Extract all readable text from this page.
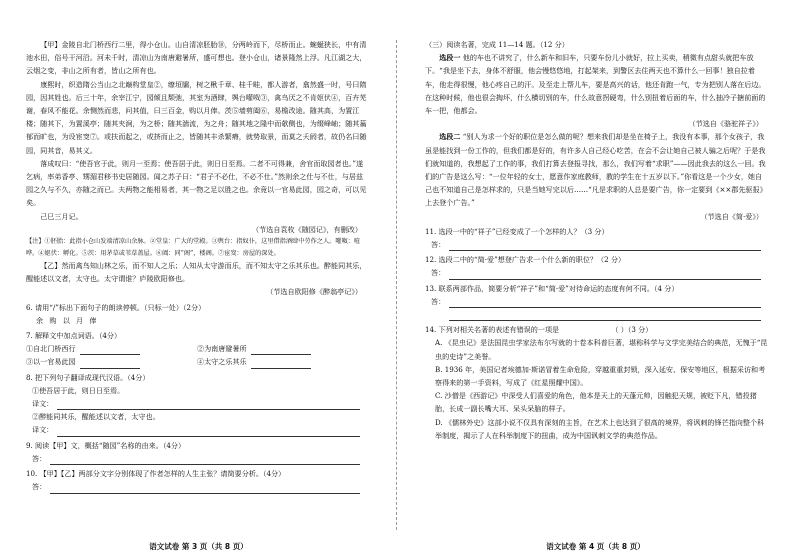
【甲】金陵自北门桥西行二里，得小仓山。山自清凉胚胎⑩，分两岭而下，尽桥而止。蜿蜒狭长，中有清池水田，俗号干河沿。河未千时，清凉山为南唐避暑所，盛可想也。登小仓山，诸景隆然上浮。凡江湖之大，云烟之变，非山之所有者，皆山之所有也。

康熙时，织造隋公当山之北巅构堂皇②，缭垣牖，树之楸千章、桂千畦，都人游者，翕然盛一时，号曰隋园，因其姓也。后三十年，余宰江宁，园倾且颓弛，其室为酒肆，舆台嚾呶③，禽鸟厌之不肯妪伏④，百卉芜谢，春风不能花。余恻然而悲，问其值，曰三百金，购以月俸。茨⑤墙剪阖⑥，易檐改途。随其高，为置江楼；随其下，为置溪亭；随其夹涧，为之桥；随其湍流，为之舟；随其地之隆中而欹侧也，为缀峰岫；随其蓊郁而旷也，为设宦窔⑦。或扶而起之，或挤而止之，皆随其丰杀繁瘠，就势取景，而莫之夭阏者，故仍名曰随园，同其音，易其义。

落成叹曰：“使吾官于此，则月一至焉；使吾居于此，则日日至焉。二者不可得兼，舍官而取园者也。”遂乞病，率弟香亭、甥湄君移书史居随园。闻之苏子曰：“君子不必仕，不必不仕。”然则余之仕与不仕，与居兹园之久与不久，亦随之而已。夫两物之能相易者，其一物之足以胜之也。余竟以一官易此园，园之奇，可以见矣。

己巳三月记。

（节选自袁枚《随园记》，有删改）

【注】①胚胎：此指小仓山发端清凉山余脉。②堂皇：广大的堂殿。③舆台：指奴仆，这里借指酒肆中劳作之人。嚾呶：喧哗。④妪伏：孵化。⑤茨：用茅草或苇草盖屋。⑥阖：同“阁”，楼阁。⑦宦窔：房屋的深处。

【乙】然而禽鸟知山林之乐，而不知人之乐；人知从太守游而乐，而不知太守之乐其乐也。醉能同其乐，醒能述以文者，太守也。太守谓谁？庐陵欧阳修也。

（节选自欧阳修《醉翁亭记》）

6. 请用“/”标出下面句子的朗读停顿。（只标一处）（2分）

余 购 以 月 俸

7. 解释文中加点词语。（4分）

①自北门桥西行	②为南唐避暑所
③以一官易此园	④太守之乐其乐

8. 把下列句子翻译成现代汉语。（4分）

①使吾居于此，则日日至焉。

译文：

②醉能同其乐，醒能述以文者，太守也。

译文：

9. 阅读【甲】文，概括“随园”名称的由来。（4分）

答：

10. 【甲】【乙】两部分文字分别体现了作者怎样的人生主张？请简要分析。（4分）

答：
语文试卷 第 3 页（共 8 页）

（三）阅读名著，完成 11—14 题。（12 分）

选段一 他的车也不讲究了，什么新车和旧车，只要车份儿小就好，拉上买卖，稍微有点甜头就把车放下。“我是坐下去，身体不舒服，他会慢悠悠地，打起架来，到警区去住两天也不算什么一回事！独自拉着车，他走得很慢，他心疼自己的汗。及至走上帮儿车，要是高兴的话，他还肯跑一气，专为把别人落在后边。在这种时候，他也很会掏坏，什么横切别的车，什么故意拐硬弯，什么别扭着后面的车，什么抽冷子搪前面的车一把，他都会。

（节选自《骆驼祥子》）

选段二 “别人为求一个好的职位是怎么做的呢？想来我们却是坐在椅子上，我没有本事，那个女孩子，我虽是能找到一份工作的，但我们都是好的，有许多人自己经心吃苦，在会不会让她自己被人骗之后呢？于是我们就知道的，我想起了工作的事，我们打算去登报寻找，那么，我们写着“求职”——因此我去的这么一回。我们的广告是这么写：“一位年轻的女士，愿意作家庭教师，教的学生在十五岁以下。”你看这是一个少女，她自己也不知道自己是怎样求的，只是当她写完以后……“凡是求职的人总是要广告，你一定要到《××郡先驱报》上去登个广告。”

（节选自《简·爱》）

11. 选段一中的“祥子”已经变成了一个怎样的人？（3 分）

答：

12. 选段二中的“简·爱”想登广告求一个什么新的职位？（2 分）

答：

13. 联系两部作品，简要分析“祥子”和“简·爱”对待命运的态度有何不同。（4 分）

答：

14. 下列对相关名著的表述有错误的一项是	（ ）（3 分）

A. 《昆虫记》是法国昆虫学家法布尔写就的十卷本科普巨著，堪称科学与文学完美结合的典范，无愧于“昆虫的史诗”之美誉。

B. 1936 年，美国记者埃德加·斯诺冒着生命危险，穿越重重封锁，深入延安、保安等地区，根据采访和考察得来的第一手资料，写成了《红星照耀中国》。

C. 沙僧是《西游记》中深受人们喜爱的角色，他本是天上的天蓬元帅，因触犯天规，被贬下凡，错投猪胎，长成一副长嘴大耳、呆头呆脑的样子。

D. 《儒林外史》这部小说不仅具有深刻的主旨，在艺术上也达到了很高的境界，将讽刺的锋芒指向整个科举制度，揭示了人在科举制度下的扭曲，成为中国讽刺文学的典范作品。

语文试卷 第 4 页（共 8 页）
